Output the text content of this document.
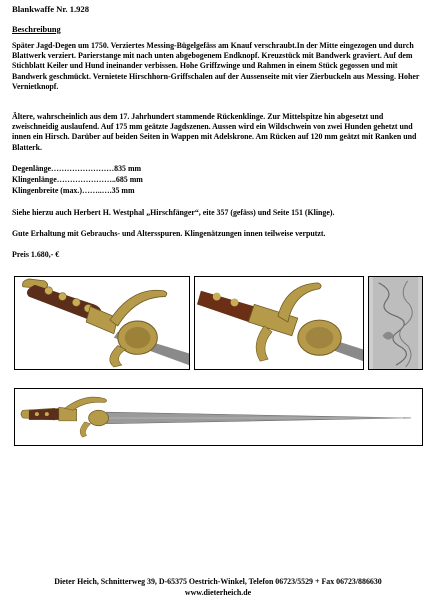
Blankwaffe Nr. 1.928
Beschreibung
Später Jagd-Degen um 1750. Verziertes Messing-Bügelgefäss am Knauf verschraubt.In der Mitte eingezogen und durch Blattwerk verziert. Parierstange mit nach unten abgebogenem Endknopf. Kreuzstück mit Bandwerk graviert. Auf dem Stichblatt Keiler und Hund ineinander verbissen. Hohe Griffzwinge und Rahmen in einem Stück gegossen und mit Bandwerk geschmückt. Vernietete Hirschhorn-Griffschalen auf der Aussenseite mit vier Zierbuckeln aus Messing. Hoher Vernietknopf.
Ältere, wahrscheinlich aus dem 17. Jahrhundert stammende Rückenklinge. Zur Mittelspitze hin abgesetzt und zweischneidig auslaufend. Auf 175 mm geätzte Jagdszenen. Aussen wird ein Wildschwein von zwei Hunden gehetzt und innen ein Hirsch. Darüber auf beiden Seiten in Wappen mit Adelskrone. Am Rücken auf 120 mm geätzt mit Ranken und Blatterk.
Degenlänge……………………835 mm
Klingenlänge…………………..685 mm
Klingenbreite (max.)……..….35 mm
Siehe hierzu auch Herbert H. Westphal „Hirschfänger“, eite 357 (gefäss) und Seite 151 (Klinge).
Gute Erhaltung mit Gebrauchs- und Altersspuren. Klingenätzungen innen teilweise verputzt.
Preis 1.680,- €
Dieter Heich, Schnitterweg 39, D-65375 Oestrich-Winkel, Telefon 06723/5529 + Fax 06723/886630
www.dieterheich.de
